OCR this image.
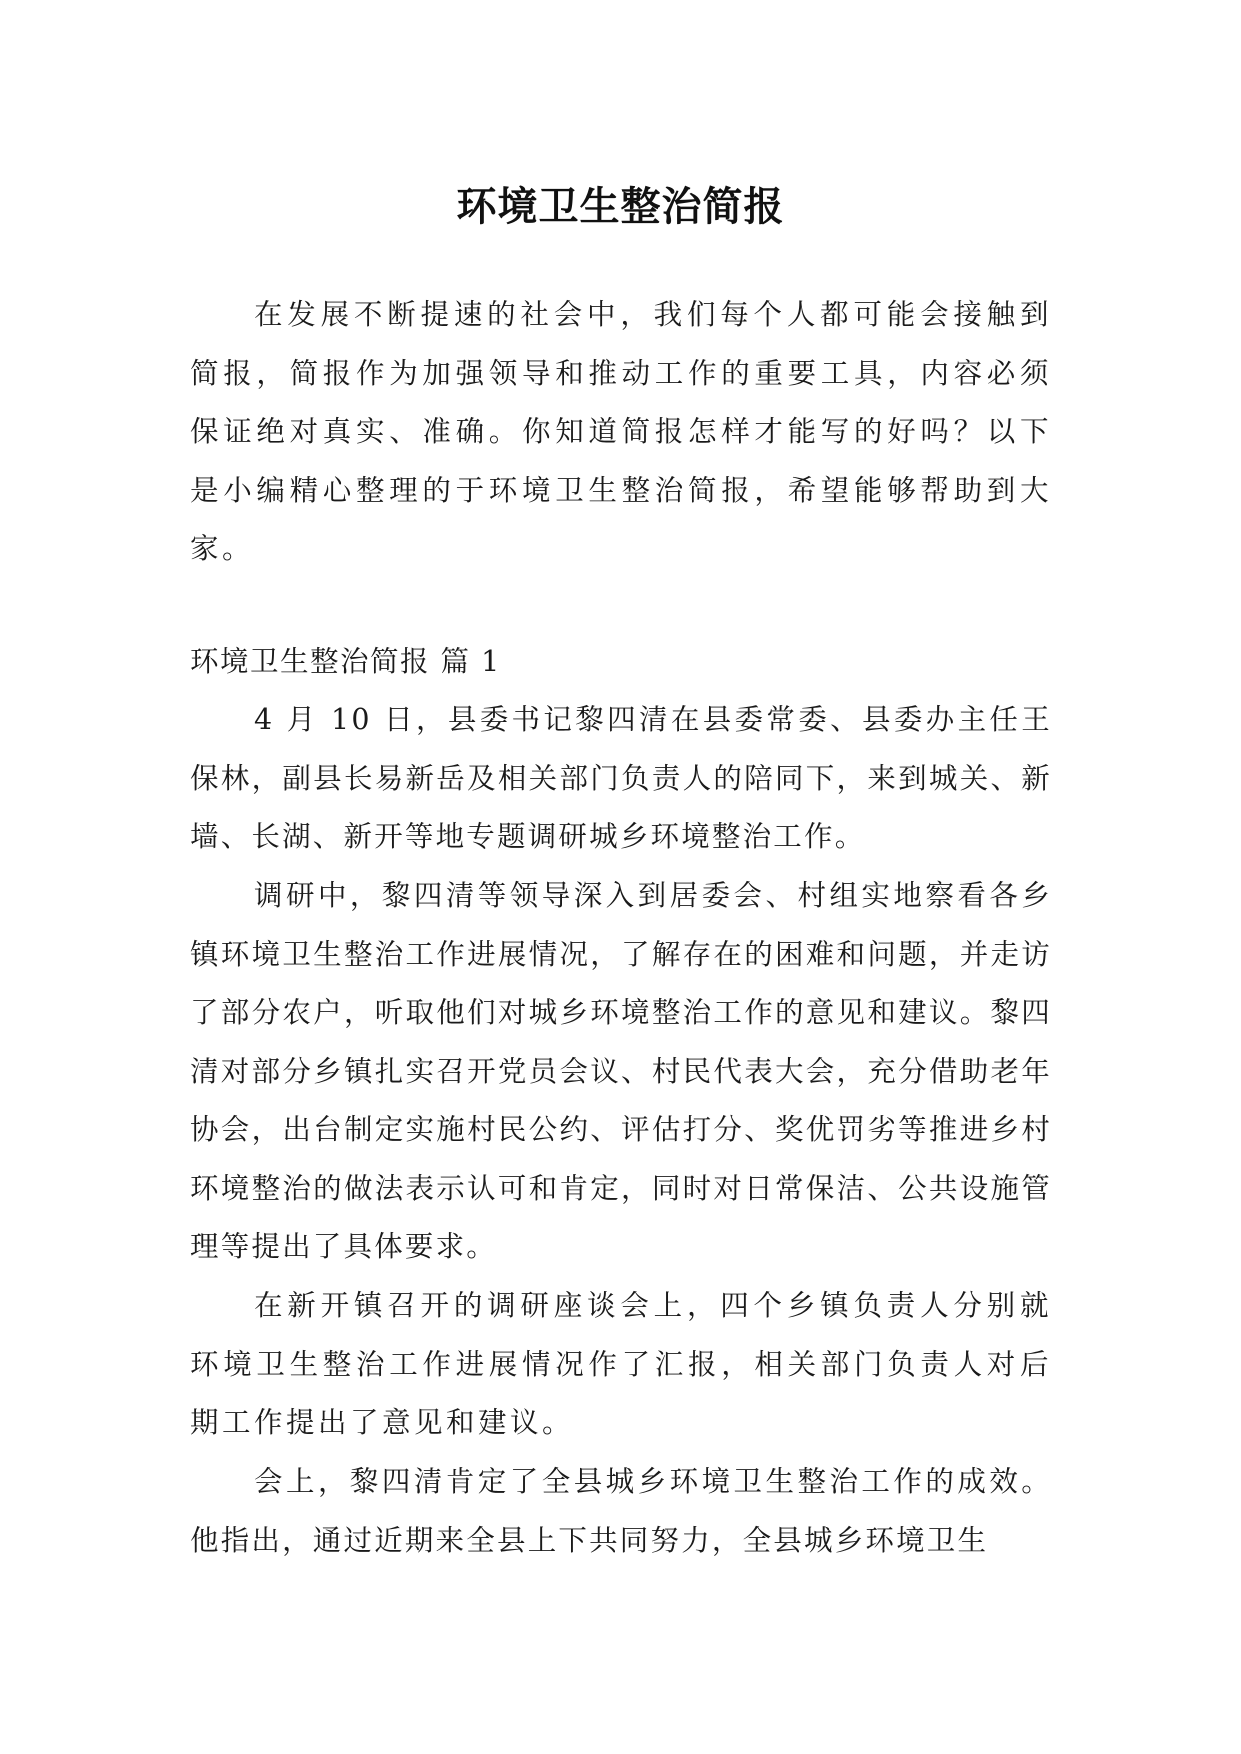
环境卫生整治简报

在发展不断提速的社会中，我们每个人都可能会接触到简报，简报作为加强领导和推动工作的重要工具，内容必须保证绝对真实、准确。你知道简报怎样才能写的好吗？以下是小编精心整理的于环境卫生整治简报，希望能够帮助到大家。

环境卫生整治简报 篇 1

4 月 10 日，县委书记黎四清在县委常委、县委办主任王保林，副县长易新岳及相关部门负责人的陪同下，来到城关、新墙、长湖、新开等地专题调研城乡环境整治工作。

调研中，黎四清等领导深入到居委会、村组实地察看各乡镇环境卫生整治工作进展情况，了解存在的困难和问题，并走访了部分农户，听取他们对城乡环境整治工作的意见和建议。黎四清对部分乡镇扎实召开党员会议、村民代表大会，充分借助老年协会，出台制定实施村民公约、评估打分、奖优罚劣等推进乡村环境整治的做法表示认可和肯定，同时对日常保洁、公共设施管理等提出了具体要求。

在新开镇召开的调研座谈会上，四个乡镇负责人分别就环境卫生整治工作进展情况作了汇报，相关部门负责人对后期工作提出了意见和建议。

会上，黎四清肯定了全县城乡环境卫生整治工作的成效。他指出，通过近期来全县上下共同努力，全县城乡环境卫生
